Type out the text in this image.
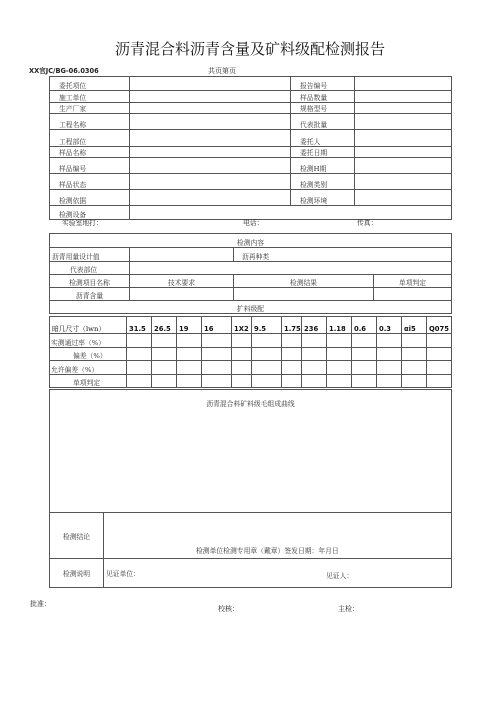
沥青混合料沥青含量及矿料级配检测报告
XX官JC/BG-06.0306	共页第页
委托项位		报告编号	
施工单位		样品数量	
生产厂家		规格型号	
工程名称		代表批量	
工程部位		委托人	
样品名称		委托日期	
样品编号		检测H期	
样品状态		检测类别	
检测依据		检测环境	
检测设备			
实验室地打：	电话：	传真：
检测内容			
沥青用量设计值		沥再种类	
代表部位			
检测项目名称	技术要求	检测结果	单项判定
沥青含量			
扩料级配			
暗几尺寸（lwn）	31.5	26.5	19	16	1X2	9.5	1.75	236	1.18	0.6	0.3	αi5	Q075
实测通过率（%）													
偏差（%）													
允许偏差（%）													
单项判定													
沥青混合料矿料级毛组成曲线	
检测结论	检测单位检测专用章（戴章）签发日期：年月日
检测说明	见证单位： 见证人：
批准：
校核：	主检：
